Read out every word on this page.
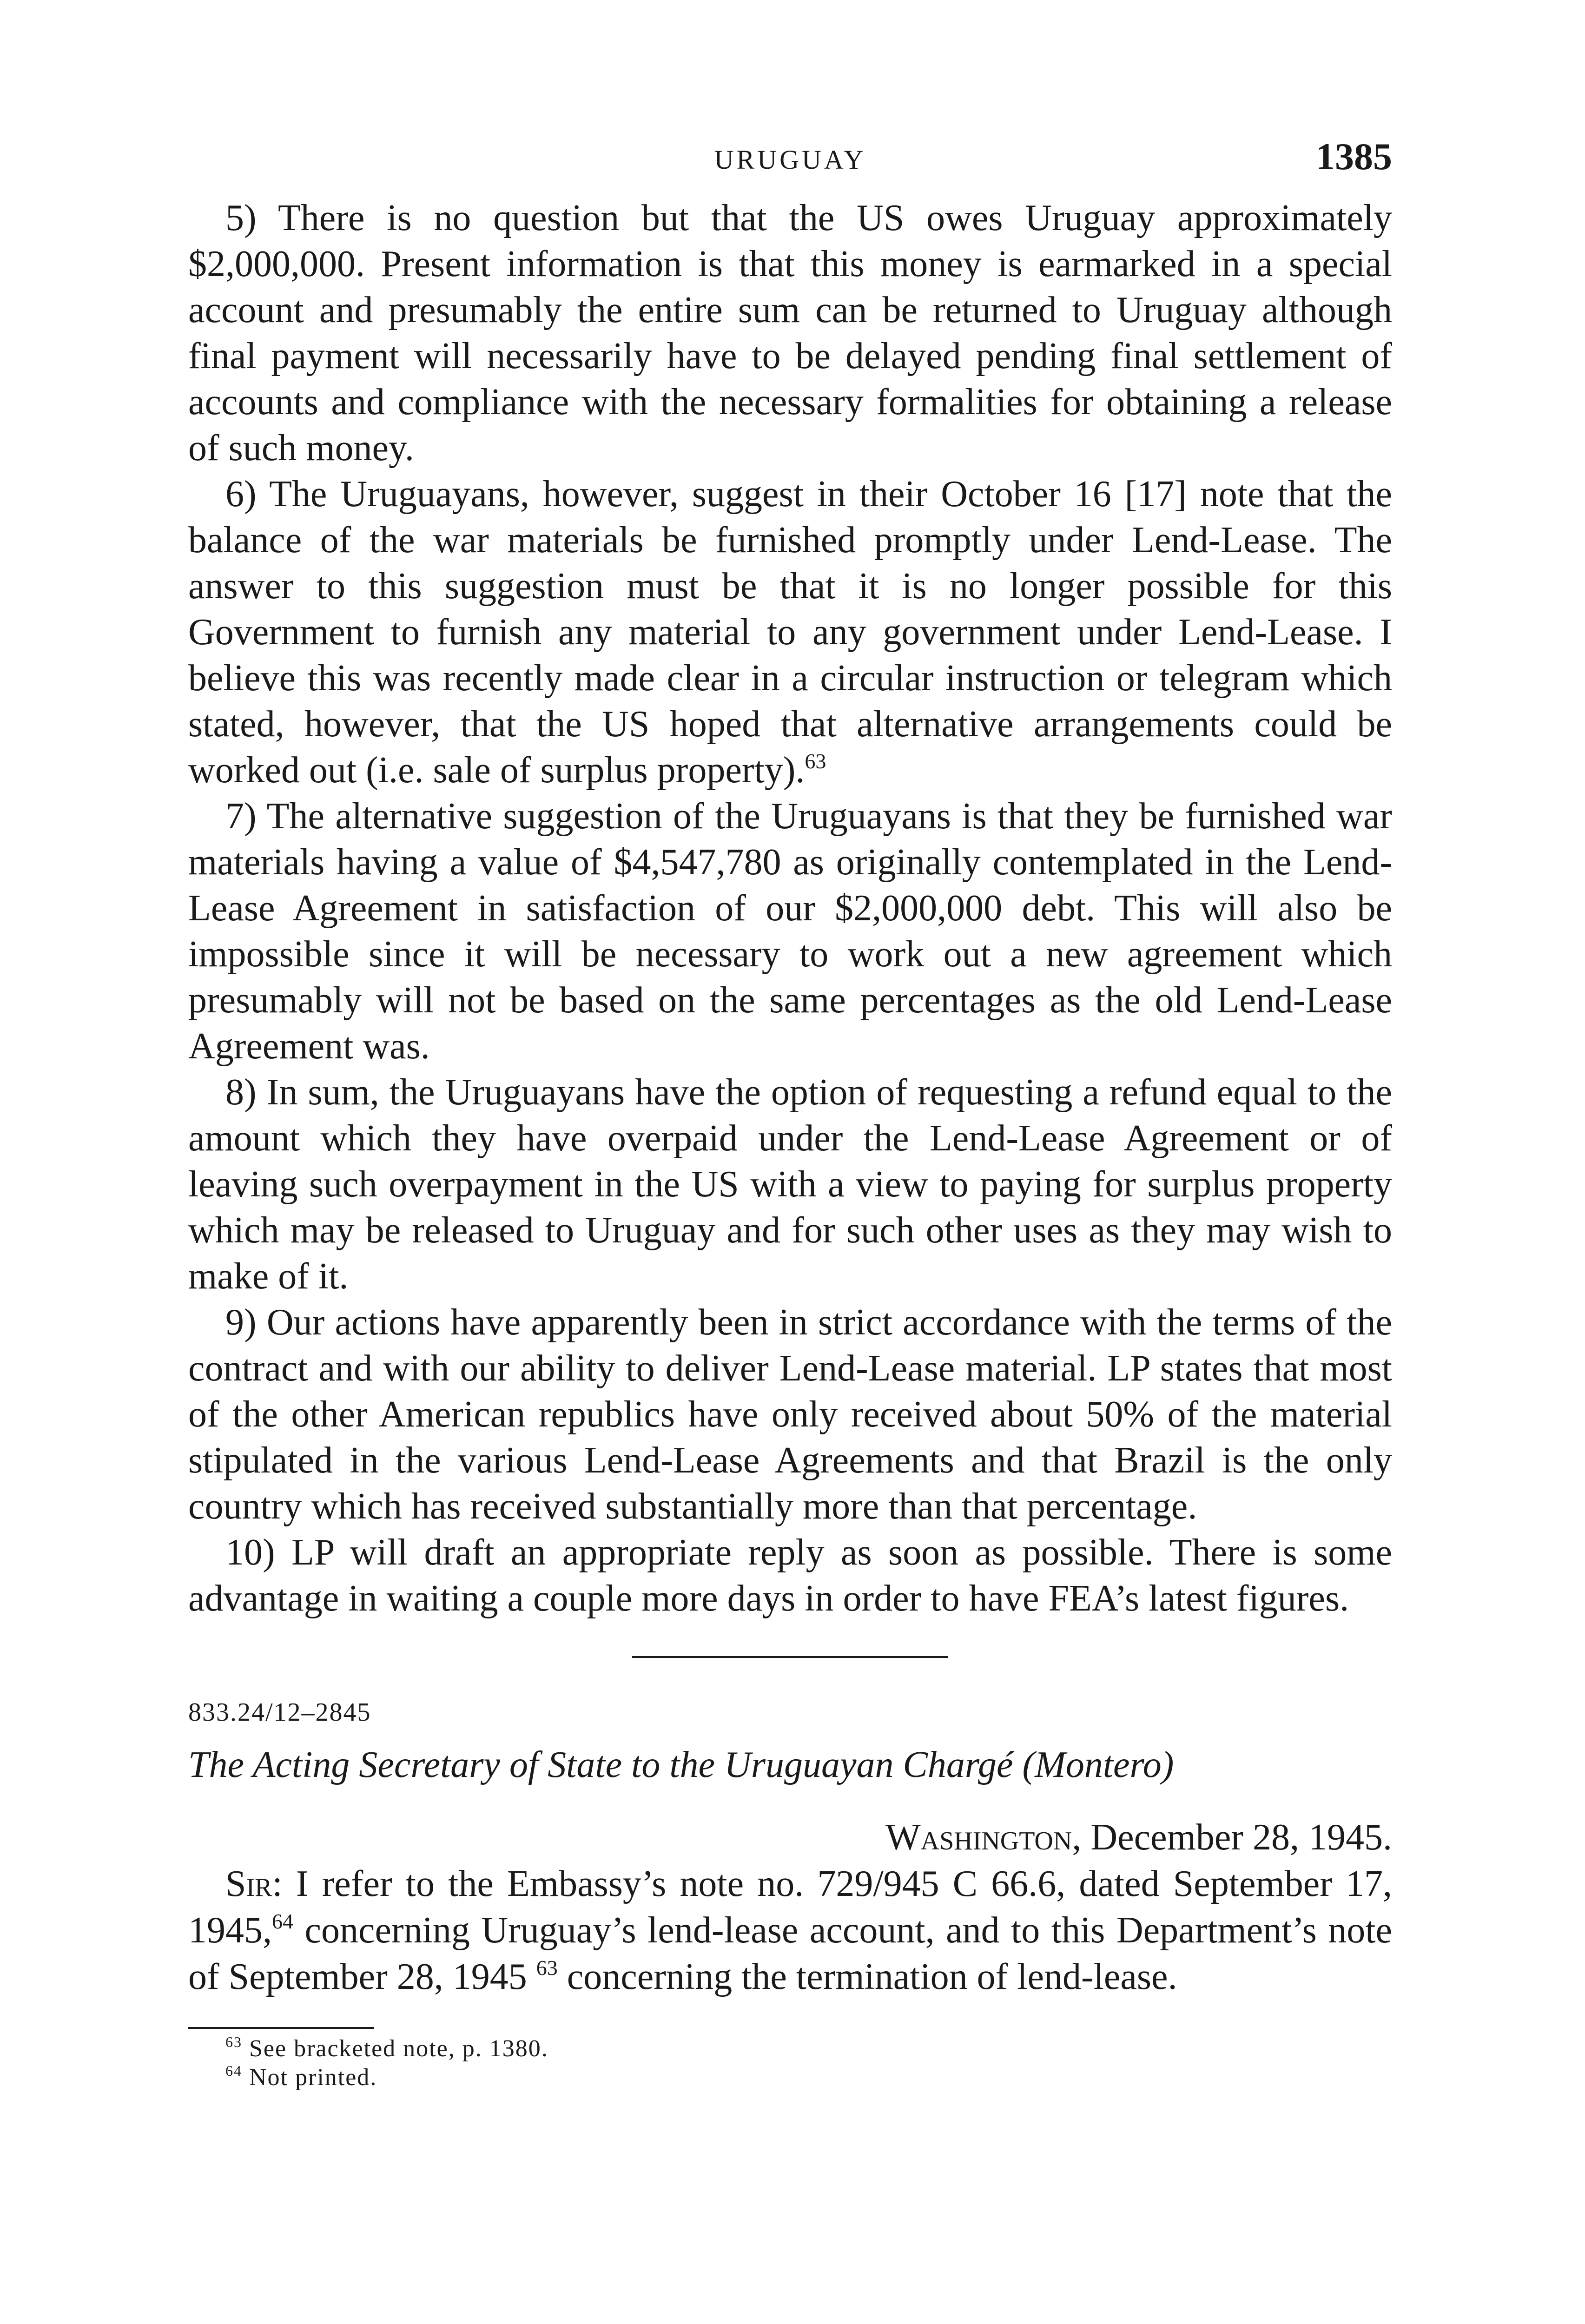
URUGUAY	1385

5) There is no question but that the US owes Uruguay approximately $2,000,000. Present information is that this money is earmarked in a special account and presumably the entire sum can be returned to Uruguay although final payment will necessarily have to be delayed pending final settlement of accounts and compliance with the necessary formalities for obtaining a release of such money.

6) The Uruguayans, however, suggest in their October 16 [17] note that the balance of the war materials be furnished promptly under Lend-Lease. The answer to this suggestion must be that it is no longer possible for this Government to furnish any material to any government under Lend-Lease. I believe this was recently made clear in a circular instruction or telegram which stated, however, that the US hoped that alternative arrangements could be worked out (i.e. sale of surplus property).$^{63}$

7) The alternative suggestion of the Uruguayans is that they be furnished war materials having a value of $4,547,780 as originally contemplated in the Lend-Lease Agreement in satisfaction of our $2,000,000 debt. This will also be impossible since it will be necessary to work out a new agreement which presumably will not be based on the same percentages as the old Lend-Lease Agreement was.

8) In sum, the Uruguayans have the option of requesting a refund equal to the amount which they have overpaid under the Lend-Lease Agreement or of leaving such overpayment in the US with a view to paying for surplus property which may be released to Uruguay and for such other uses as they may wish to make of it.

9) Our actions have apparently been in strict accordance with the terms of the contract and with our ability to deliver Lend-Lease material. LP states that most of the other American republics have only received about 50% of the material stipulated in the various Lend-Lease Agreements and that Brazil is the only country which has received substantially more than that percentage.

10) LP will draft an appropriate reply as soon as possible. There is some advantage in waiting a couple more days in order to have FEA’s latest figures.

833.24/12–2845
The Acting Secretary of State to the Uruguayan Chargé (Montero)
Washington, December 28, 1945.

Sir: I refer to the Embassy’s note no. 729/945 C 66.6, dated September 17, 1945,64 concerning Uruguay’s lend-lease account, and to this Department’s note of September 28, 1945 $^{63}$ concerning the termination of lend-lease.

$^{63}$ See bracketed note, p. 1380.
$^{64}$ Not printed.
